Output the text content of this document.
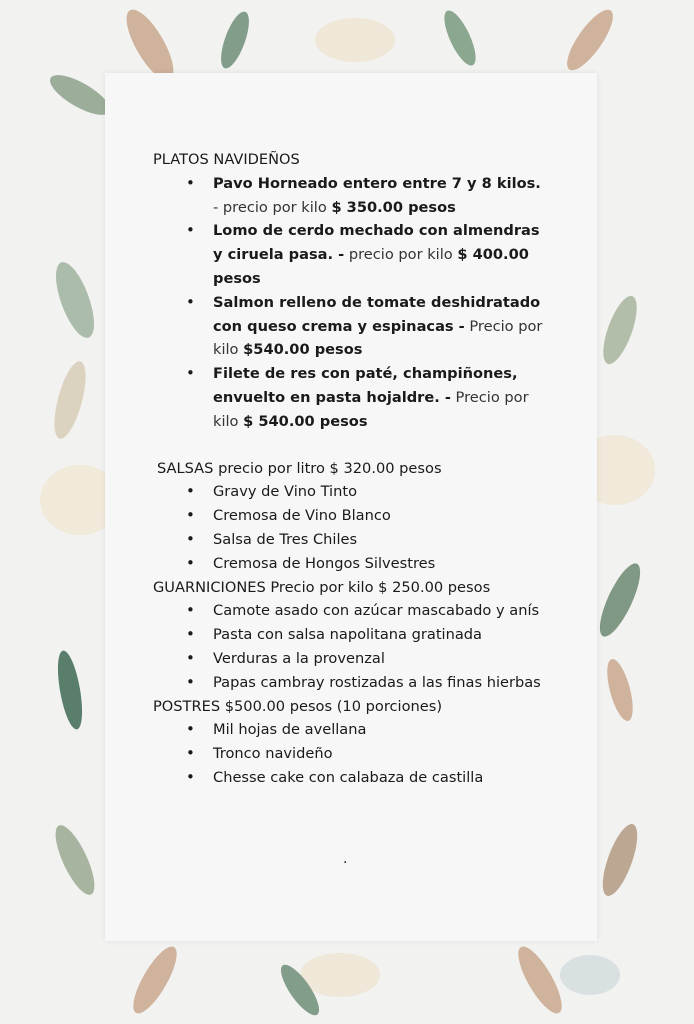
PLATOS NAVIDEÑOS
• Pavo Horneado entero entre 7 y 8 kilos.
- precio por kilo $ 350.00 pesos
• Lomo de cerdo mechado con almendras y ciruela pasa. - precio por kilo $ 400.00 pesos
• Salmon relleno de tomate deshidratado con queso crema y espinacas - Precio por kilo $540.00 pesos
• Filete de res con paté, champiñones, envuelto en pasta hojaldre. - Precio por kilo $ 540.00 pesos
SALSAS precio por litro $ 320.00 pesos
• Gravy de Vino Tinto
• Cremosa de Vino Blanco
• Salsa de Tres Chiles
• Cremosa de Hongos Silvestres
GUARNICIONES Precio por kilo $ 250.00 pesos
• Camote asado con azúcar mascabado y anís
• Pasta con salsa napolitana gratinada
• Verduras a la provenzal
• Papas cambray rostizadas a las finas hierbas
POSTRES $500.00 pesos (10 porciones)
• Mil hojas de avellana
• Tronco navideño
• Chesse cake con calabaza de castilla
.
